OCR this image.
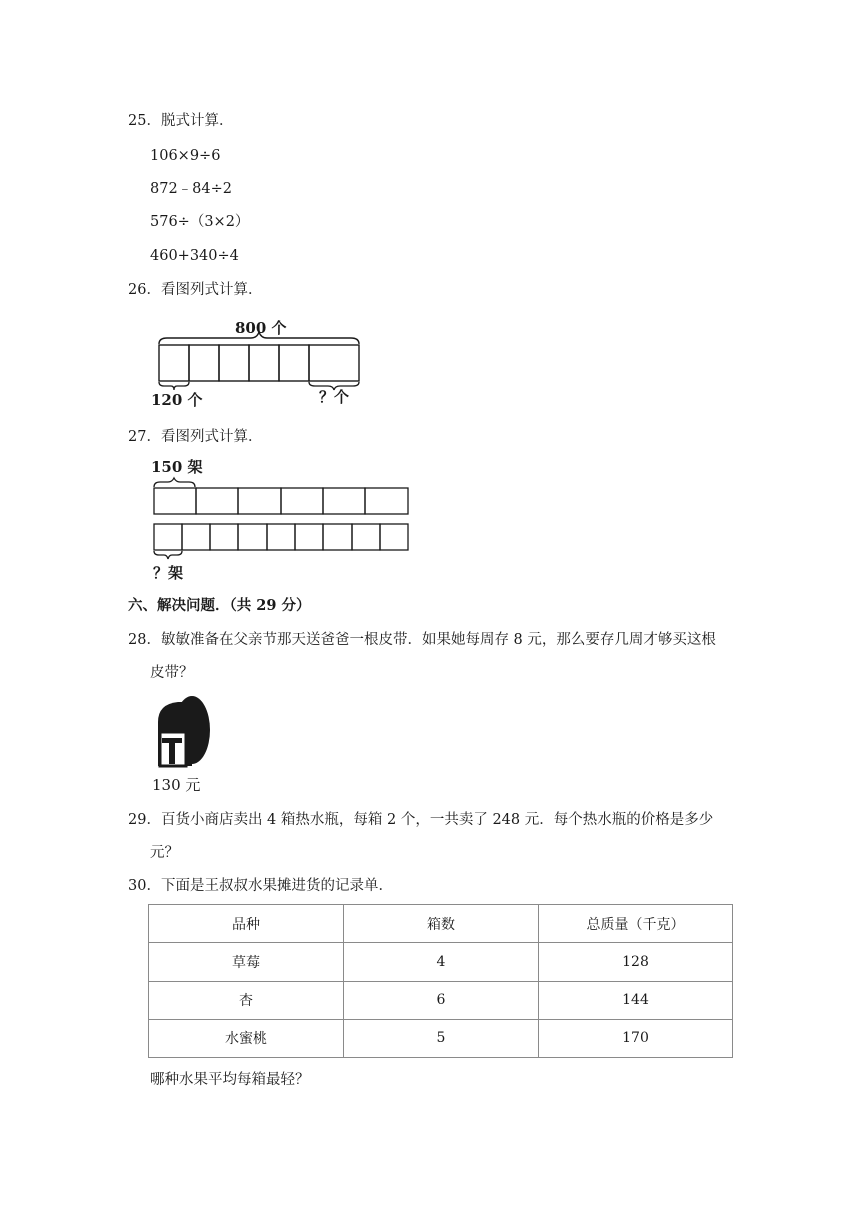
25．脱式计算．
106×9÷6
872﹣84÷2
576÷（3×2）
460+340÷4
26．看图列式计算．
800 个
120 个	？个
27．看图列式计算．
150 架
？架
六、解决问题．（共 29 分）
28．敏敏准备在父亲节那天送爸爸一根皮带．如果她每周存 8 元，那么要存几周才够买这根
皮带？
130 元
29．百货小商店卖出 4 箱热水瓶，每箱 2 个，一共卖了 248 元．每个热水瓶的价格是多少
元？
30．下面是王叔叔水果摊进货的记录单．
品种	箱数	总质量（千克）
草莓	4	128
杏	6	144
水蜜桃	5	170
哪种水果平均每箱最轻？
